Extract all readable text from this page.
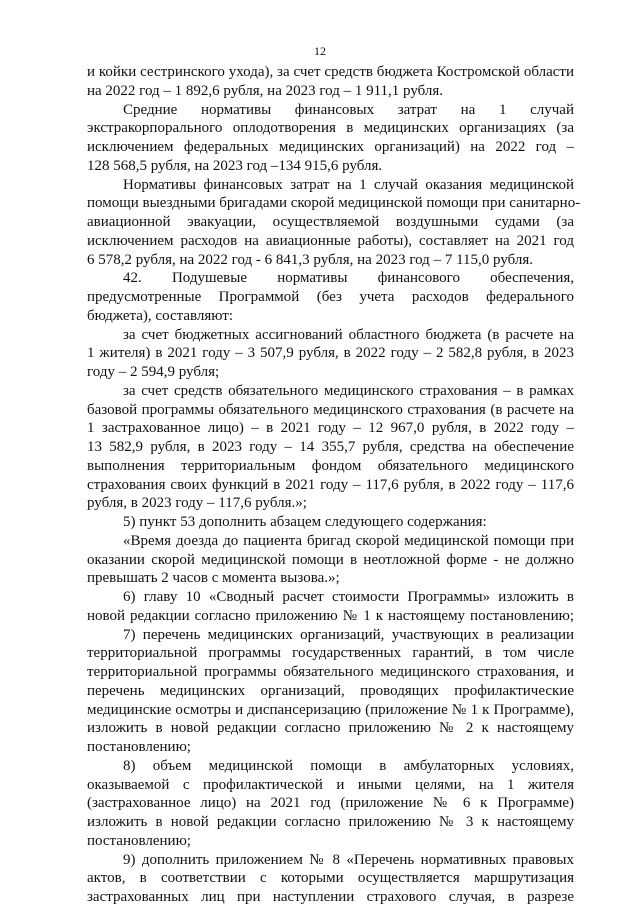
12
и койки сестринского ухода), за счет средств бюджета Костромской области
на 2022 год – 1 892,6 рубля, на 2023 год – 1 911,1 рубля.
Средние нормативы финансовых затрат на 1 случай
экстракорпорального оплодотворения в медицинских организациях (за
исключением федеральных медицинских организаций) на 2022 год –
128 568,5 рубля, на 2023 год –134 915,6 рубля.
Нормативы финансовых затрат на 1 случай оказания медицинской
помощи выездными бригадами скорой медицинской помощи при санитарно-
авиационной эвакуации, осуществляемой воздушными судами (за
исключением расходов на авиационные работы), составляет на 2021 год
6 578,2 рубля, на 2022 год - 6 841,3 рубля, на 2023 год – 7 115,0 рубля.
42. Подушевые нормативы финансового обеспечения,
предусмотренные Программой (без учета расходов федерального
бюджета), составляют:
за счет бюджетных ассигнований областного бюджета (в расчете на
1 жителя) в 2021 году – 3 507,9 рубля, в 2022 году – 2 582,8 рубля, в 2023
году – 2 594,9 рубля;
за счет средств обязательного медицинского страхования – в рамках
базовой программы обязательного медицинского страхования (в расчете на
1 застрахованное лицо) – в 2021 году – 12 967,0 рубля, в 2022 году –
13 582,9 рубля, в 2023 году – 14 355,7 рубля, средства на обеспечение
выполнения территориальным фондом обязательного медицинского
страхования своих функций в 2021 году – 117,6 рубля, в 2022 году – 117,6
рубля, в 2023 году – 117,6 рубля.»;
5) пункт 53 дополнить абзацем следующего содержания:
«Время доезда до пациента бригад скорой медицинской помощи при
оказании скорой медицинской помощи в неотложной форме - не должно
превышать 2 часов с момента вызова.»;
6) главу 10 «Сводный расчет стоимости Программы» изложить в
новой редакции согласно приложению № 1 к настоящему постановлению;
7) перечень медицинских организаций, участвующих в реализации
территориальной программы государственных гарантий, в том числе
территориальной программы обязательного медицинского страхования, и
перечень медицинских организаций, проводящих профилактические
медицинские осмотры и диспансеризацию (приложение № 1 к Программе),
изложить в новой редакции согласно приложению № 2 к настоящему
постановлению;
8) объем медицинской помощи в амбулаторных условиях,
оказываемой с профилактической и иными целями, на 1 жителя
(застрахованное лицо) на 2021 год (приложение № 6 к Программе)
изложить в новой редакции согласно приложению № 3 к настоящему
постановлению;
9) дополнить приложением № 8 «Перечень нормативных правовых
актов, в соответствии с которыми осуществляется маршрутизация
застрахованных лиц при наступлении страхового случая, в разрезе
